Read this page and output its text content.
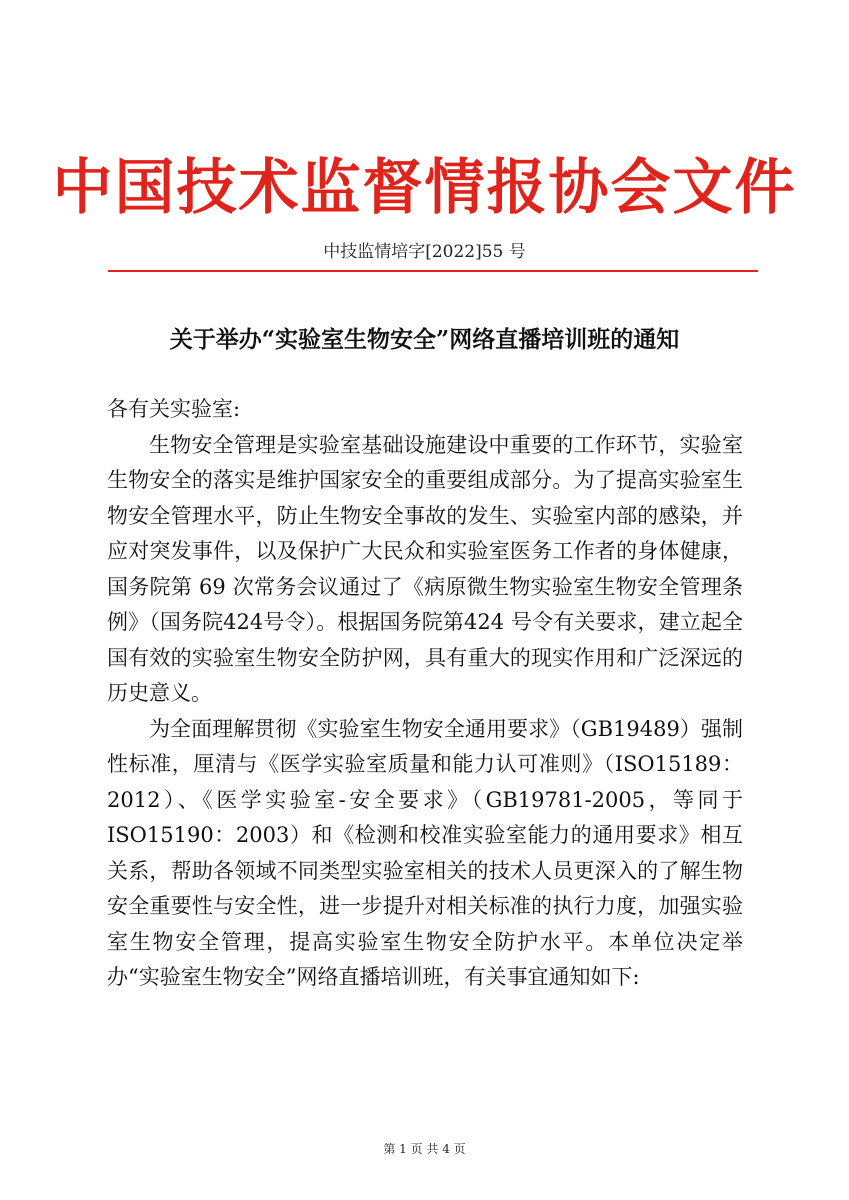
中国技术监督情报协会文件
中技监情培字[2022]55 号
关于举办“实验室生物安全”网络直播培训班的通知

各有关实验室:

生物安全管理是实验室基础设施建设中重要的工作环节，实验室生物安全的落实是维护国家安全的重要组成部分。为了提高实验室生物安全管理水平，防止生物安全事故的发生、实验室内部的感染，并应对突发事件，以及保护广大民众和实验室医务工作者的身体健康，国务院第 69 次常务会议通过了《病原微生物实验室生物安全管理条例》（国务院424号令）。根据国务院第424 号令有关要求，建立起全国有效的实验室生物安全防护网，具有重大的现实作用和广泛深远的历史意义。

为全面理解贯彻《实验室生物安全通用要求》（GB19489）强制性标准，厘清与《医学实验室质量和能力认可准则》（ISO15189：2012）、《医学实验室-安全要求》（GB19781-2005，等同于 ISO15190：2003）和《检测和校准实验室能力的通用要求》相互关系，帮助各领域不同类型实验室相关的技术人员更深入的了解生物安全重要性与安全性，进一步提升对相关标准的执行力度，加强实验室生物安全管理，提高实验室生物安全防护水平。本单位决定举办“实验室生物安全”网络直播培训班，有关事宜通知如下:

第 1 页 共 4 页
